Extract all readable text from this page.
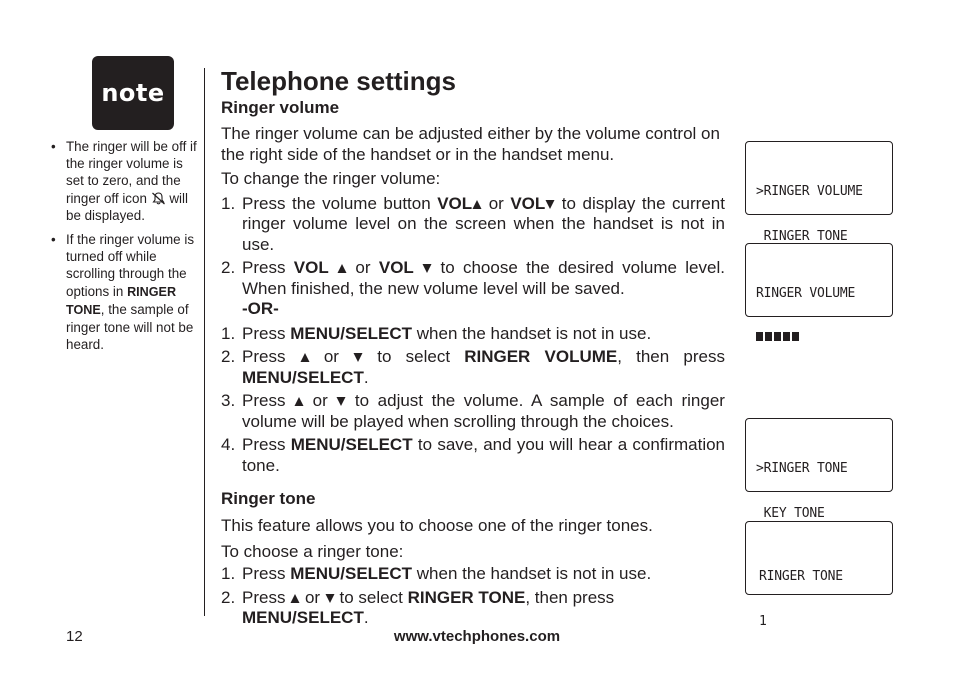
note
• The ringer will be off if the ringer volume is set to zero, and the ringer off icon will be displayed.
• If the ringer volume is turned off while scrolling through the options in RINGER TONE, the sample of ringer tone will not be heard.
Telephone settings
Ringer volume

The ringer volume can be adjusted either by the volume control on the right side of the handset or in the handset menu.

To change the ringer volume:

1. Press the volume button VOL or VOL to display the current ringer volume level on the screen when the handset is not in use.
2. Press VOL or VOL to choose the desired volume level. When finished, the new volume level will be saved.
-OR-
1. Press MENU/SELECT when the handset is not in use.
2. Press or to select RINGER VOLUME, then press MENU/SELECT.
3. Press or to adjust the volume. A sample of each ringer volume will be played when scrolling through the choices.
4. Press MENU/SELECT to save, and you will hear a confirmation tone.
Ringer tone

This feature allows you to choose one of the ringer tones.

To choose a ringer tone:

1. Press MENU/SELECT when the handset is not in use.
2. Press or to select RINGER TONE, then press
MENU/SELECT.

>RINGER VOLUME

RINGER TONE

RINGER VOLUME

>RINGER TONE

KEY TONE

RINGER TONE

1

12	www.vtechphones.com
